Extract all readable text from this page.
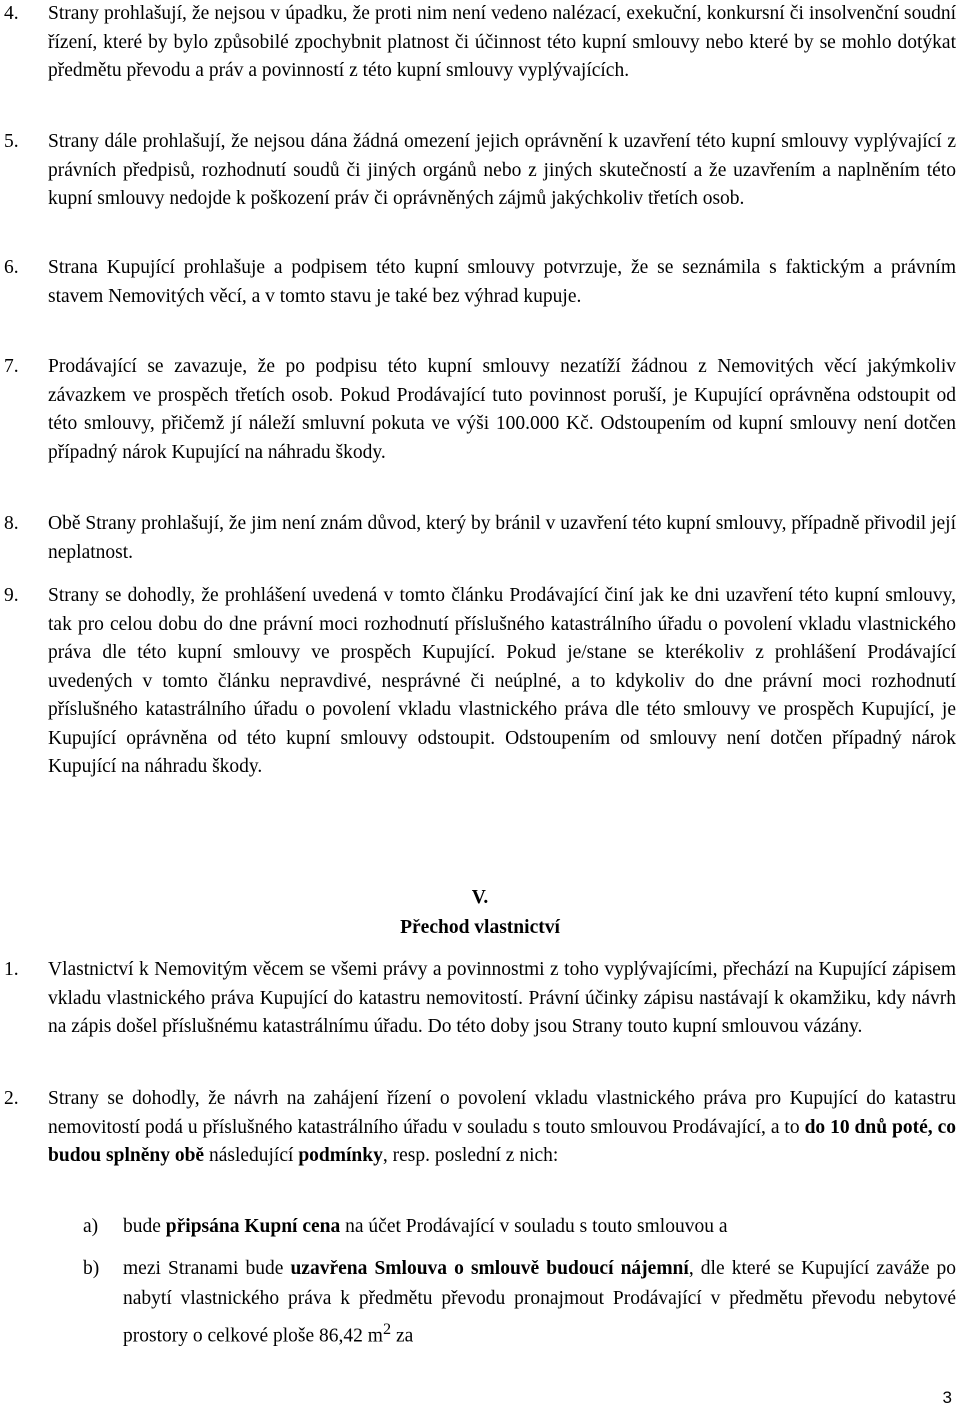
4.	Strany prohlašují, že nejsou v úpadku, že proti nim není vedeno nalézací, exekuční, konkursní či insolvenční soudní řízení, které by bylo způsobilé zpochybnit platnost či účinnost této kupní smlouvy nebo které by se mohlo dotýkat předmětu převodu a práv a povinností z této kupní smlouvy vyplývajících.
5.	Strany dále prohlašují, že nejsou dána žádná omezení jejich oprávnění k uzavření této kupní smlouvy vyplývající z právních předpisů, rozhodnutí soudů či jiných orgánů nebo z jiných skutečností a že uzavřením a naplněním této kupní smlouvy nedojde k poškození práv či oprávněných zájmů jakýchkoliv třetích osob.
6.	Strana Kupující prohlašuje a podpisem této kupní smlouvy potvrzuje, že se seznámila s faktickým a právním stavem Nemovitých věcí, a v tomto stavu je také bez výhrad kupuje.
7.	Prodávající se zavazuje, že po podpisu této kupní smlouvy nezatíží žádnou z Nemovitých věcí jakýmkoliv závazkem ve prospěch třetích osob. Pokud Prodávající tuto povinnost poruší, je Kupující oprávněna odstoupit od této smlouvy, přičemž jí náleží smluvní pokuta ve výši 100.000 Kč. Odstoupením od kupní smlouvy není dotčen případný nárok Kupující na náhradu škody.
8.	Obě Strany prohlašují, že jim není znám důvod, který by bránil v uzavření této kupní smlouvy, případně přivodil její neplatnost.
9.	Strany se dohodly, že prohlášení uvedená v tomto článku Prodávající činí jak ke dni uzavření této kupní smlouvy, tak pro celou dobu do dne právní moci rozhodnutí příslušného katastrálního úřadu o povolení vkladu vlastnického práva dle této kupní smlouvy ve prospěch Kupující. Pokud je/stane se kterékoliv z prohlášení Prodávající uvedených v tomto článku nepravdivé, nesprávné či neúplné, a to kdykoliv do dne právní moci rozhodnutí příslušného katastrálního úřadu o povolení vkladu vlastnického práva dle této smlouvy ve prospěch Kupující, je Kupující oprávněna od této kupní smlouvy odstoupit. Odstoupením od smlouvy není dotčen případný nárok Kupující na náhradu škody.
V.
Přechod vlastnictví
1.	Vlastnictví k Nemovitým věcem se všemi právy a povinnostmi z toho vyplývajícími, přechází na Kupující zápisem vkladu vlastnického práva Kupující do katastru nemovitostí. Právní účinky zápisu nastávají k okamžiku, kdy návrh na zápis došel příslušnému katastrálnímu úřadu. Do této doby jsou Strany touto kupní smlouvou vázány.
2.	Strany se dohodly, že návrh na zahájení řízení o povolení vkladu vlastnického práva pro Kupující do katastru nemovitostí podá u příslušného katastrálního úřadu v souladu s touto smlouvou Prodávající, a to do 10 dnů poté, co budou splněny obě následující podmínky, resp. poslední z nich:
a) bude připsána Kupní cena na účet Prodávající v souladu s touto smlouvou a
b) mezi Stranami bude uzavřena Smlouva o smlouvě budoucí nájemní, dle které se Kupující zaváže po nabytí vlastnického práva k předmětu převodu pronajmout Prodávající v předmětu převodu nebytové prostory o celkové ploše 86,42 $m^2$ za
3
